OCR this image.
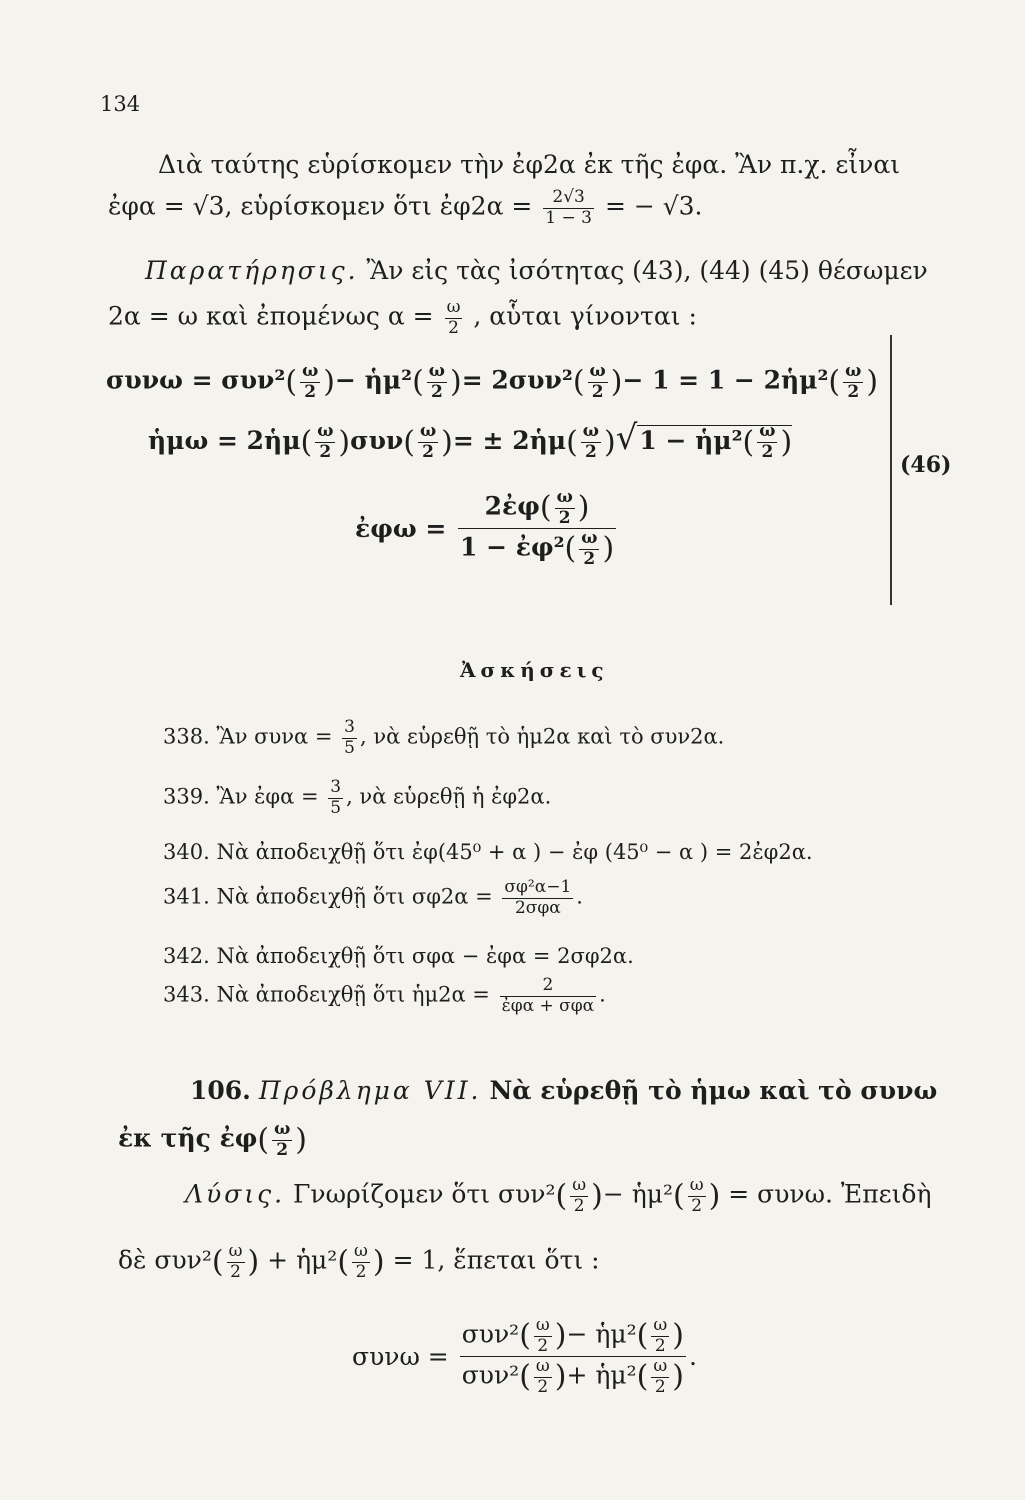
134
Διὰ ταύτης εὑρίσκομεν τὴν ἐφ2α ἐκ τῆς ἐφα. Ἂν π.χ. εἶναι
ἐφα = √3, εὑρίσκομεν ὅτι ἐφ2α = $\frac{2√3}{1 - 3}$ = − √3.
Παρατήρησις. Ἂν εἰς τὰς ἰσότητας (43), (44) (45) θέσωμεν
2α = ω καὶ ἐπομένως $\alpha = \frac{\omega}{2}$ , αὗται γίνονται :
$\sigma\upsilon\nu\omega = \sigma\upsilon\nu^2( \frac{\omega}{2}$ )− ἡμ²( $\frac{\omega}{2}$ )= $2\sigma\upsilon\nu^2( \frac{\omega}{2}$ )− 1 = 1 − 2ἡμ²( $\frac{\omega}{2}$ )
ἡμω = 2ἡμ( $\frac{\omega}{2} )\sigma\upsilon\nu( \frac{\omega}{2}$ )= ± 2ἡμ( $\frac{\omega}{2} )√1$ − ἡμ²( $\frac{\omega}{2}$ )
ἐφω = $\frac{2ἐ\varphi( \frac{\omega}{2} )}{1 - ἐ\varphi^2( \frac{\omega}{2} )}$
(46)
Ἀσκήσεις
338. Ἂν $\sigma\upsilon\nu\alpha = \frac{3}{5}$ , νὰ εὑρεθῇ τὸ ἡμ2α καὶ τὸ συν2α.
339. Ἂν ἐφα = $\frac{3}{5}$ , νὰ εὑρεθῇ ἡ ἐφ2α.
340. Νὰ ἀποδειχθῇ ὅτι ἐφ(45⁰ + α ) − ἐφ (45⁰ − α ) = 2ἐφ2α.
341. Νὰ ἀποδειχθῇ ὅτι $\sigma\varphi 2\alpha = \frac{\text{σφ²α−1}}{\text{2σφα}}$ .
342. Νὰ ἀποδειχθῇ ὅτι σφα − ἐφα = 2σφ2α.
343. Νὰ ἀποδειχθῇ ὅτι ἡμ2α = $\frac{2}{\text{ἐφα + σφα}}$ .
106. Πρόβλημα VII. Νὰ εὑρεθῇ τὸ ἡμω καὶ τὸ συνω
ἐκ τῆς ἐφ( $\frac{\omega}{2}$ )
Λύσις. Γνωρίζομεν ὅτι $\sigma\upsilon\nu^2( \frac{\omega}{2}$ )− ἡμ²( $\frac{\omega}{2}$ ) = συνω. Ἐπειδὴ
δὲ $\sigma\upsilon\nu^2( \frac{\omega}{2}$ ) + ἡμ²( $\frac{\omega}{2}$ ) = 1, ἕπεται ὅτι :
$\sigma\upsilon\nu\omega = \frac{\sigma\upsilon\nu^2( \frac{\omega}{2} )- ἡ\mu^2( \frac{\omega}{2} )}{\sigma\upsilon\nu^2( \frac{\omega}{2} )+ ἡ\mu^2( \frac{\omega}{2} )}$ .
